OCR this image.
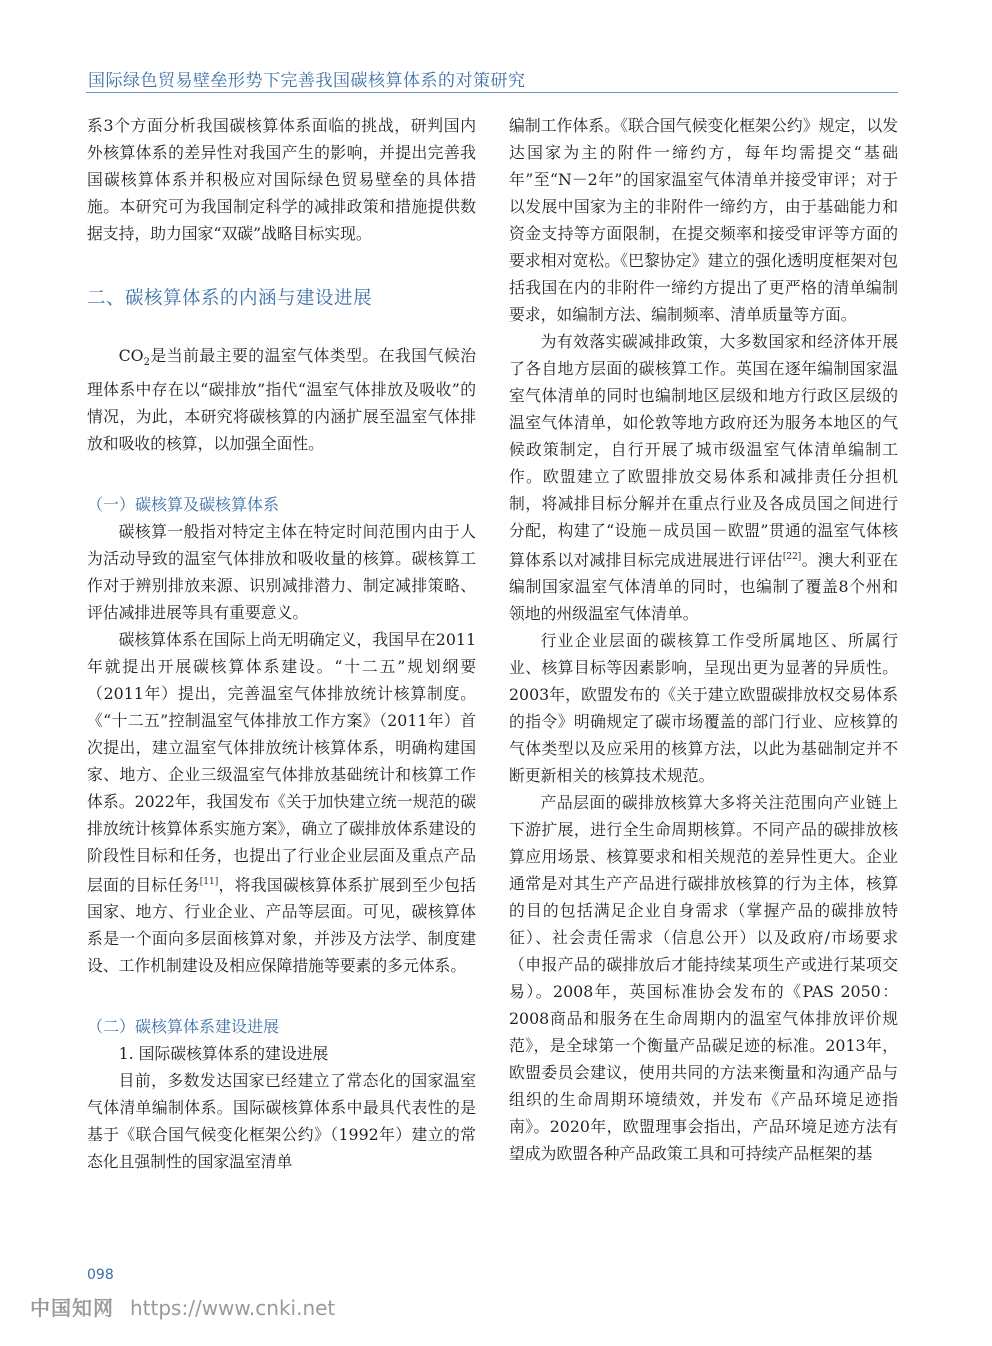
国际绿色贸易壁垒形势下完善我国碳核算体系的对策研究

系3个方面分析我国碳核算体系面临的挑战，研判国内外核算体系的差异性对我国产生的影响，并提出完善我国碳核算体系并积极应对国际绿色贸易壁垒的具体措施。本研究可为我国制定科学的减排政策和措施提供数据支持，助力国家“双碳”战略目标实现。

二、碳核算体系的内涵与建设进展

$CO_2$是当前最主要的温室气体类型。在我国气候治理体系中存在以“碳排放”指代“温室气体排放及吸收”的情况，为此，本研究将碳核算的内涵扩展至温室气体排放和吸收的核算，以加强全面性。

（一）碳核算及碳核算体系

碳核算一般指对特定主体在特定时间范围内由于人为活动导致的温室气体排放和吸收量的核算。碳核算工作对于辨别排放来源、识别减排潜力、制定减排策略、评估减排进展等具有重要意义。

碳核算体系在国际上尚无明确定义，我国早在2011年就提出开展碳核算体系建设。“十二五”规划纲要（2011年）提出，完善温室气体排放统计核算制度。《“十二五”控制温室气体排放工作方案》（2011年）首次提出，建立温室气体排放统计核算体系，明确构建国家、地方、企业三级温室气体排放基础统计和核算工作体系。2022年，我国发布《关于加快建立统一规范的碳排放统计核算体系实施方案》，确立了碳排放体系建设的阶段性目标和任务，也提出了行业企业层面及重点产品层面的目标任务[11]，将我国碳核算体系扩展到至少包括国家、地方、行业企业、产品等层面。可见，碳核算体系是一个面向多层面核算对象，并涉及方法学、制度建设、工作机制建设及相应保障措施等要素的多元体系。

（二）碳核算体系建设进展
1. 国际碳核算体系的建设进展

目前，多数发达国家已经建立了常态化的国家温室气体清单编制体系。国际碳核算体系中最具代表性的是基于《联合国气候变化框架公约》（1992年）建立的常态化且强制性的国家温室清单

编制工作体系。《联合国气候变化框架公约》规定，以发达国家为主的附件一缔约方，每年均需提交“基础年”至“N－2年”的国家温室气体清单并接受审评；对于以发展中国家为主的非附件一缔约方，由于基础能力和资金支持等方面限制，在提交频率和接受审评等方面的要求相对宽松。《巴黎协定》建立的强化透明度框架对包括我国在内的非附件一缔约方提出了更严格的清单编制要求，如编制方法、编制频率、清单质量等方面。

为有效落实碳减排政策，大多数国家和经济体开展了各自地方层面的碳核算工作。英国在逐年编制国家温室气体清单的同时也编制地区层级和地方行政区层级的温室气体清单，如伦敦等地方政府还为服务本地区的气候政策制定，自行开展了城市级温室气体清单编制工作。欧盟建立了欧盟排放交易体系和减排责任分担机制，将减排目标分解并在重点行业及各成员国之间进行分配，构建了“设施－成员国－欧盟”贯通的温室气体核算体系以对减排目标完成进展进行评估[22]。澳大利亚在编制国家温室气体清单的同时，也编制了覆盖8个州和领地的州级温室气体清单。

行业企业层面的碳核算工作受所属地区、所属行业、核算目标等因素影响，呈现出更为显著的异质性。2003年，欧盟发布的《关于建立欧盟碳排放权交易体系的指令》明确规定了碳市场覆盖的部门行业、应核算的气体类型以及应采用的核算方法，以此为基础制定并不断更新相关的核算技术规范。

产品层面的碳排放核算大多将关注范围向产业链上下游扩展，进行全生命周期核算。不同产品的碳排放核算应用场景、核算要求和相关规范的差异性更大。企业通常是对其生产产品进行碳排放核算的行为主体，核算的目的包括满足企业自身需求（掌握产品的碳排放特征）、社会责任需求（信息公开）以及政府/市场要求（申报产品的碳排放后才能持续某项生产或进行某项交易）。2008年，英国标准协会发布的《PAS 2050：2008商品和服务在生命周期内的温室气体排放评价规范》，是全球第一个衡量产品碳足迹的标准。2013年，欧盟委员会建议，使用共同的方法来衡量和沟通产品与组织的生命周期环境绩效，并发布《产品环境足迹指南》。2020年，欧盟理事会指出，产品环境足迹方法有望成为欧盟各种产品政策工具和可持续产品框架的基

098
中国知网 https://www.cnki.net
